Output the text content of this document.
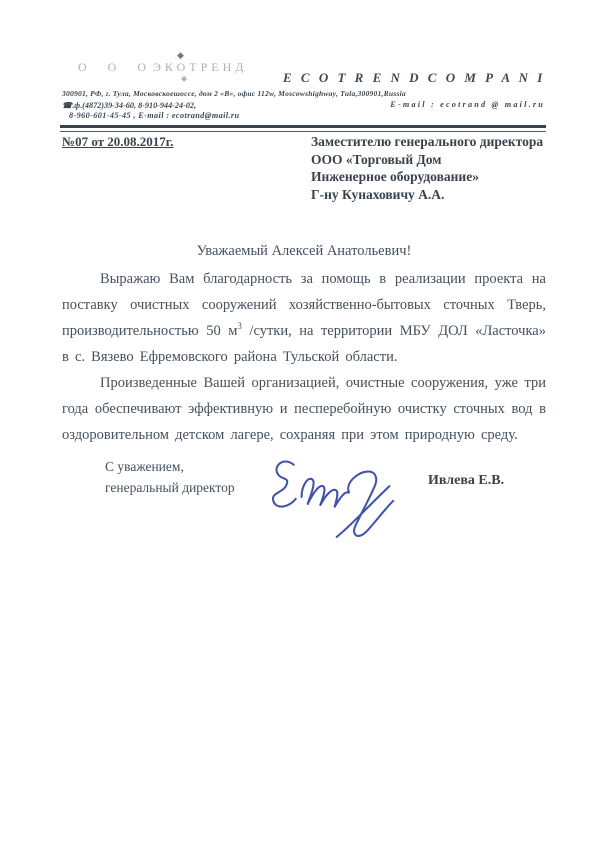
О О О
ЭКОТРЕНД
◆
◆	E C O T R E N D C O M P A N I
300901, РФ, г. Тула, Московскоешоссе, дом 2 «В», офис 112w, Moscowshighway, Tula,300901,Russia
☎.ф.(4872)39-34-60, 8-910-944-24-02,	E-mail : ecotrand @ mail.ru
8-960-601-45-45 , E-mail : ecotrand@mail.ru
№07 от 20.08.2017г.	Заместителю генерального директора
ООО «Торговый Дом
Инженерное оборудование»
Г-ну Кунаховичу А.А.
Уважаемый Алексей Анатольевич!

Выражаю Вам благодарность за помощь в реализации проекта на поставку очистных сооружений хозяйственно-бытовых сточных Тверь, производительностью 50 $м^3$ /сутки, на территории МБУ ДОЛ «Ласточка» в с. Вязево Ефремовского района Тульской области.

Произведенные Вашей организацией, очистные сооружения, уже три года обеспечивают эффективную и песперебойную очистку сточных вод в оздоровительном детском лагере, сохраняя при этом природную среду.

С уважением,
генеральный директор	Ивлева Е.В.
